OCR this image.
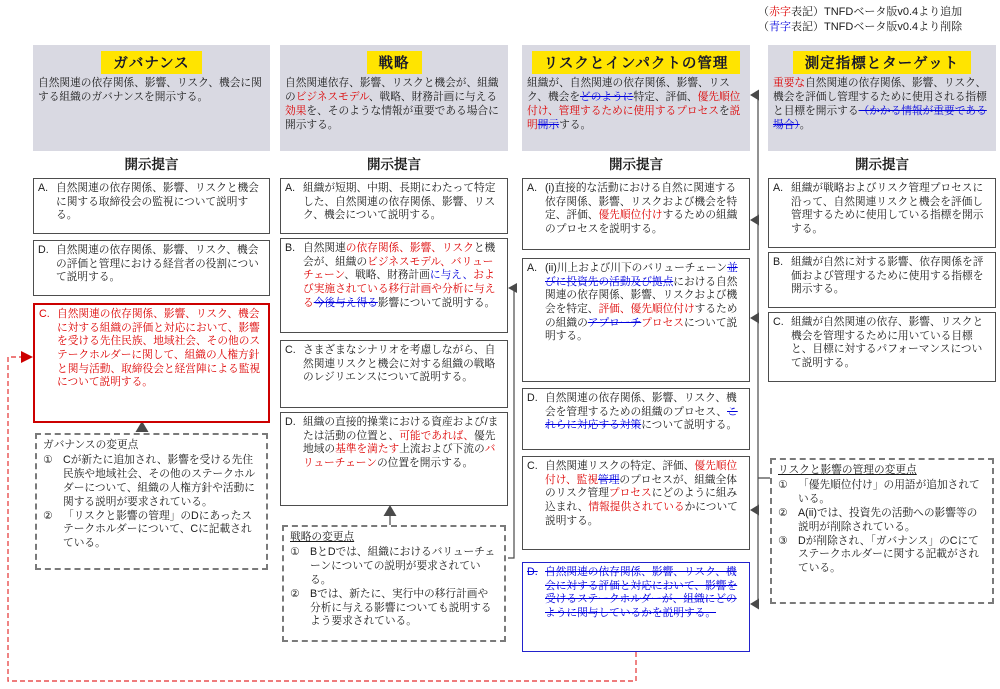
（赤字表記）TNFDベータ版v0.4より追加
（青字表記）TNFDベータ版v0.4より削除
ガバナンス
自然関連の依存関係、影響、リスク、機会に関する組織のガバナンスを開示する。
開示提言
A. 自然関連の依存関係、影響、リスクと機会に関する取締役会の監視について説明する。
D. 自然関連の依存関係、影響、リスク、機会の評価と管理における経営者の役割について説明する。
C. 自然関連の依存関係、影響、リスク、機会に対する組織の評価と対応において、影響を受ける先住民族、地域社会、その他のステークホルダーに関して、組織の人権方針と関与活動、取締役会と経営陣による監視について説明する。
ガバナンスの変更点
① Cが新たに追加され、影響を受ける先住民族や地域社会、その他のステークホルダーについて、組織の人権方針や活動に関する説明が要求されている。
② 「リスクと影響の管理」のDにあったステークホルダーについて、Cに記載されている。
戦略
自然関連依存、影響、リスクと機会が、組織のビジネスモデル、戦略、財務計画に与える効果を、そのような情報が重要である場合に開示する。
開示提言
A. 組織が短期、中期、長期にわたって特定した、自然関連の依存関係、影響、リスク、機会について説明する。
B. 自然関連の依存関係、影響、リスクと機会が、組織のビジネスモデル、バリューチェーン、戦略、財務計画に与え、および実施されている移行計画や分析に与える今後与え得る影響について説明する。
C. さまざまなシナリオを考慮しながら、自然関連リスクと機会に対する組織の戦略のレジリエンスについて説明する。
D. 組織の直接的操業における資産および/または活動の位置と、可能であれば、優先地域の基準を満たす上流および下流のバリューチェーンの位置を開示する。
戦略の変更点
① BとDでは、組織におけるバリューチェーンについての説明が要求されている。
② Bでは、新たに、実行中の移行計画や分析に与える影響についても説明するよう要求されている。
リスクとインパクトの管理
組織が、自然関連の依存関係、影響、リスク、機会をどのように特定、評価、優先順位付け、管理するために使用するプロセスを説明開示する。
開示提言
A. (i)直接的な活動における自然に関連する依存関係、影響、リスクおよび機会を特定、評価、優先順位付けするための組織のプロセスを説明する。
A. (ii)川上および川下のバリューチェーン並びに投資先の活動及び拠点における自然関連の依存関係、影響、リスクおよび機会を特定、評価、優先順位付けするための組織のアプローチプロセスについて説明する。
D. 自然関連の依存関係、影響、リスク、機会を管理するための組織のプロセス、これらに対応する対策について説明する。
C. 自然関連リスクの特定、評価、優先順位付け、監視管理のプロセスが、組織全体のリスク管理プロセスにどのように組み込まれ、情報提供されているかについて説明する。
D. 自然関連の依存関係、影響、リスク、機会に対する評価と対応において、影響を受けるステークホルダーが、組織にどのように関与しているかを説明する。
測定指標とターゲット
重要な自然関連の依存関係、影響、リスク、機会を評価し管理するために使用される指標と目標を開示する（かかる情報が重要である場合）。
開示提言
A. 組織が戦略およびリスク管理プロセスに沿って、自然関連リスクと機会を評価し管理するために使用している指標を開示する。
B. 組織が自然に対する影響、依存関係を評価および管理するために使用する指標を開示する。
C. 組織が自然関連の依存、影響、リスクと機会を管理するために用いている目標と、目標に対するパフォーマンスについて説明する。
リスクと影響の管理の変更点
① 「優先順位付け」の用語が追加されている。
② A(ii)では、投資先の活動への影響等の説明が削除されている。
③ Dが削除され、「ガバナンス」のCにてステークホルダーに関する記載がされている。
